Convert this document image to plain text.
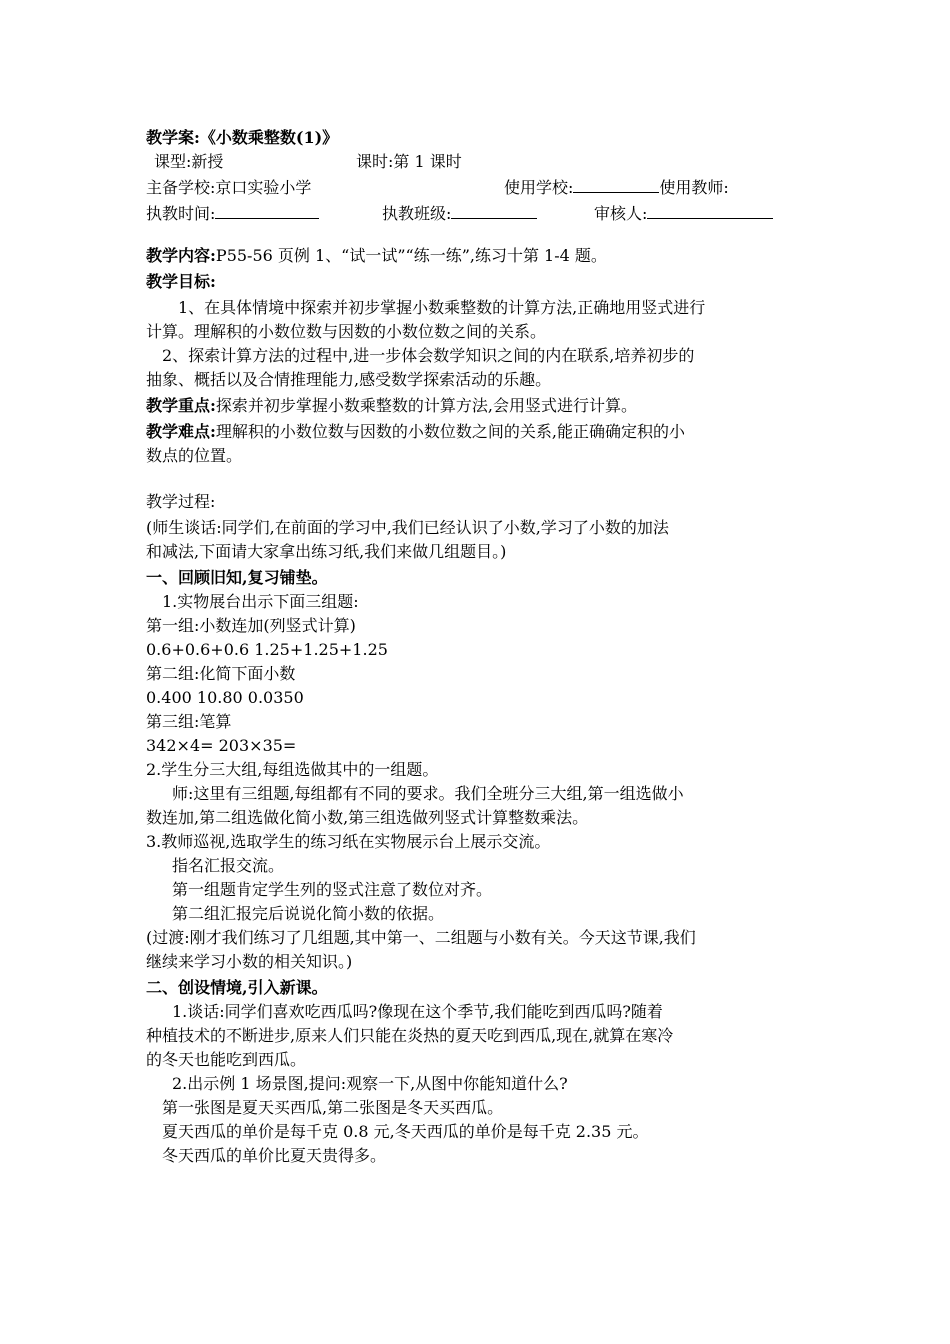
教学案:《小数乘整数(1)》
课型:新授	课时:第 1 课时
主备学校:京口实验小学	使用学校:	使用教师:
执教时间:	执教班级:	审核人:
教学内容:P55-56 页例 1、“试一试”“练一练”,练习十第 1-4 题。
教学目标:
1、在具体情境中探索并初步掌握小数乘整数的计算方法,正确地用竖式进行
计算。理解积的小数位数与因数的小数位数之间的关系。
2、探索计算方法的过程中,进一步体会数学知识之间的内在联系,培养初步的
抽象、概括以及合情推理能力,感受数学探索活动的乐趣。
教学重点:探索并初步掌握小数乘整数的计算方法,会用竖式进行计算。
教学难点:理解积的小数位数与因数的小数位数之间的关系,能正确确定积的小
数点的位置。
教学过程:
(师生谈话:同学们,在前面的学习中,我们已经认识了小数,学习了小数的加法
和减法,下面请大家拿出练习纸,我们来做几组题目。)
一、回顾旧知,复习铺垫。
1.实物展台出示下面三组题:
第一组:小数连加(列竖式计算)
0.6+0.6+0.6 1.25+1.25+1.25
第二组:化简下面小数
0.400 10.80 0.0350
第三组:笔算
342×4= 203×35=
2.学生分三大组,每组选做其中的一组题。
师:这里有三组题,每组都有不同的要求。我们全班分三大组,第一组选做小
数连加,第二组选做化简小数,第三组选做列竖式计算整数乘法。
3.教师巡视,选取学生的练习纸在实物展示台上展示交流。
指名汇报交流。
第一组题肯定学生列的竖式注意了数位对齐。
第二组汇报完后说说化简小数的依据。
(过渡:刚才我们练习了几组题,其中第一、二组题与小数有关。今天这节课,我们
继续来学习小数的相关知识。)
二、创设情境,引入新课。
1.谈话:同学们喜欢吃西瓜吗?像现在这个季节,我们能吃到西瓜吗?随着
种植技术的不断进步,原来人们只能在炎热的夏天吃到西瓜,现在,就算在寒冷
的冬天也能吃到西瓜。
2.出示例 1 场景图,提问:观察一下,从图中你能知道什么?
第一张图是夏天买西瓜,第二张图是冬天买西瓜。
夏天西瓜的单价是每千克 0.8 元,冬天西瓜的单价是每千克 2.35 元。
冬天西瓜的单价比夏天贵得多。
